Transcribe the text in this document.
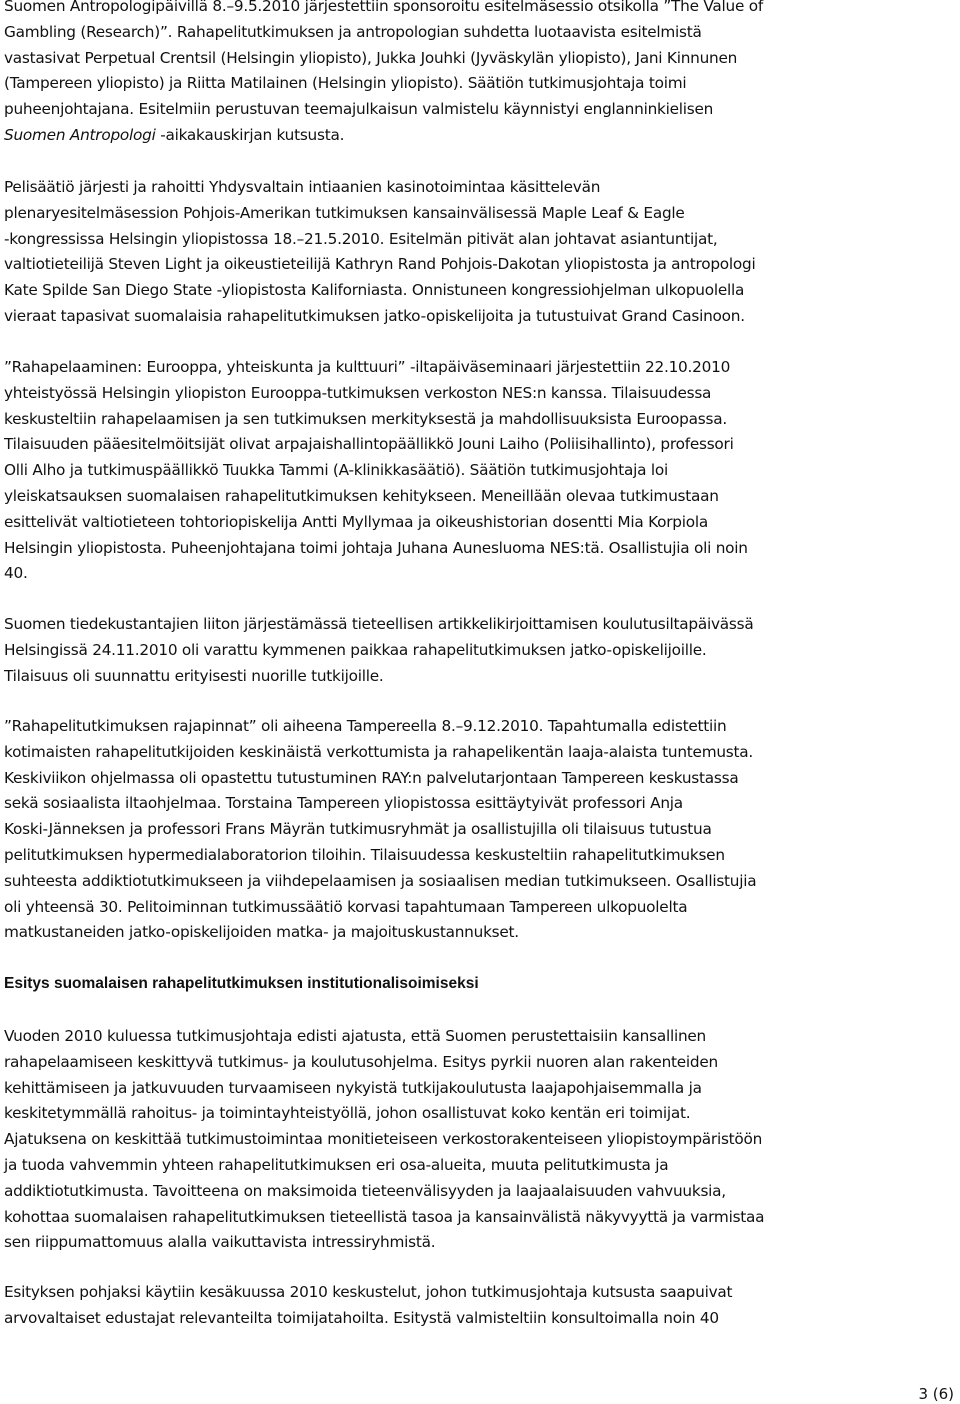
Suomen Antropologipäivillä 8.–9.5.2010 järjestettiin sponsoroitu esitelmäsessio otsikolla ”The Value of
Gambling (Research)”. Rahapelitutkimuksen ja antropologian suhdetta luotaavista esitelmistä
vastasivat Perpetual Crentsil (Helsingin yliopisto), Jukka Jouhki (Jyväskylän yliopisto), Jani Kinnunen
(Tampereen yliopisto) ja Riitta Matilainen (Helsingin yliopisto). Säätiön tutkimusjohtaja toimi
puheenjohtajana. Esitelmiin perustuvan teemajulkaisun valmistelu käynnistyi englanninkielisen
Suomen Antropologi -aikakauskirjan kutsusta.

Pelisäätiö järjesti ja rahoitti Yhdysvaltain intiaanien kasinotoimintaa käsittelevän
plenaryesitelmäsession Pohjois-Amerikan tutkimuksen kansainvälisessä Maple Leaf & Eagle
-kongressissa Helsingin yliopistossa 18.–21.5.2010. Esitelmän pitivät alan johtavat asiantuntijat,
valtiotieteilijä Steven Light ja oikeustieteilijä Kathryn Rand Pohjois-Dakotan yliopistosta ja antropologi
Kate Spilde San Diego State -yliopistosta Kaliforniasta. Onnistuneen kongressiohjelman ulkopuolella
vieraat tapasivat suomalaisia rahapelitutkimuksen jatko-opiskelijoita ja tutustuivat Grand Casinoon.

”Rahapelaaminen: Eurooppa, yhteiskunta ja kulttuuri” -iltapäiväseminaari järjestettiin 22.10.2010
yhteistyössä Helsingin yliopiston Eurooppa-tutkimuksen verkoston NES:n kanssa. Tilaisuudessa
keskusteltiin rahapelaamisen ja sen tutkimuksen merkityksestä ja mahdollisuuksista Euroopassa.
Tilaisuuden pääesitelmöitsijät olivat arpajaishallintopäällikkö Jouni Laiho (Poliisihallinto), professori
Olli Alho ja tutkimuspäällikkö Tuukka Tammi (A-klinikkasäätiö). Säätiön tutkimusjohtaja loi
yleiskatsauksen suomalaisen rahapelitutkimuksen kehitykseen. Meneillään olevaa tutkimustaan
esittelivät valtiotieteen tohtoriopiskelija Antti Myllymaa ja oikeushistorian dosentti Mia Korpiola
Helsingin yliopistosta. Puheenjohtajana toimi johtaja Juhana Aunesluoma NES:tä. Osallistujia oli noin
40.

Suomen tiedekustantajien liiton järjestämässä tieteellisen artikkelikirjoittamisen koulutusiltapäivässä
Helsingissä 24.11.2010 oli varattu kymmenen paikkaa rahapelitutkimuksen jatko-opiskelijoille.
Tilaisuus oli suunnattu erityisesti nuorille tutkijoille.

”Rahapelitutkimuksen rajapinnat” oli aiheena Tampereella 8.–9.12.2010. Tapahtumalla edistettiin
kotimaisten rahapelitutkijoiden keskinäistä verkottumista ja rahapelikentän laaja-alaista tuntemusta.
Keskiviikon ohjelmassa oli opastettu tutustuminen RAY:n palvelutarjontaan Tampereen keskustassa
sekä sosiaalista iltaohjelmaa. Torstaina Tampereen yliopistossa esittäytyivät professori Anja
Koski-Jänneksen ja professori Frans Mäyrän tutkimusryhmät ja osallistujilla oli tilaisuus tutustua
pelitutkimuksen hypermedialaboratorion tiloihin. Tilaisuudessa keskusteltiin rahapelitutkimuksen
suhteesta addiktiotutkimukseen ja viihdepelaamisen ja sosiaalisen median tutkimukseen. Osallistujia
oli yhteensä 30. Pelitoiminnan tutkimussäätiö korvasi tapahtumaan Tampereen ulkopuolelta
matkustaneiden jatko-opiskelijoiden matka- ja majoituskustannukset.

Esitys suomalaisen rahapelitutkimuksen institutionalisoimiseksi

Vuoden 2010 kuluessa tutkimusjohtaja edisti ajatusta, että Suomen perustettaisiin kansallinen
rahapelaamiseen keskittyvä tutkimus- ja koulutusohjelma. Esitys pyrkii nuoren alan rakenteiden
kehittämiseen ja jatkuvuuden turvaamiseen nykyistä tutkijakoulutusta laajapohjaisemmalla ja
keskitetymmällä rahoitus- ja toimintayhteistyöllä, johon osallistuvat koko kentän eri toimijat.
Ajatuksena on keskittää tutkimustoimintaa monitieteiseen verkostorakenteiseen yliopistoympäristöön
ja tuoda vahvemmin yhteen rahapelitutkimuksen eri osa-alueita, muuta pelitutkimusta ja
addiktiotutkimusta. Tavoitteena on maksimoida tieteenvälisyyden ja laajaalaisuuden vahvuuksia,
kohottaa suomalaisen rahapelitutkimuksen tieteellistä tasoa ja kansainvälistä näkyvyyttä ja varmistaa
sen riippumattomuus alalla vaikuttavista intressiryhmistä.

Esityksen pohjaksi käytiin kesäkuussa 2010 keskustelut, johon tutkimusjohtaja kutsusta saapuivat
arvovaltaiset edustajat relevanteilta toimijatahoilta. Esitystä valmisteltiin konsultoimalla noin 40

3 (6)
